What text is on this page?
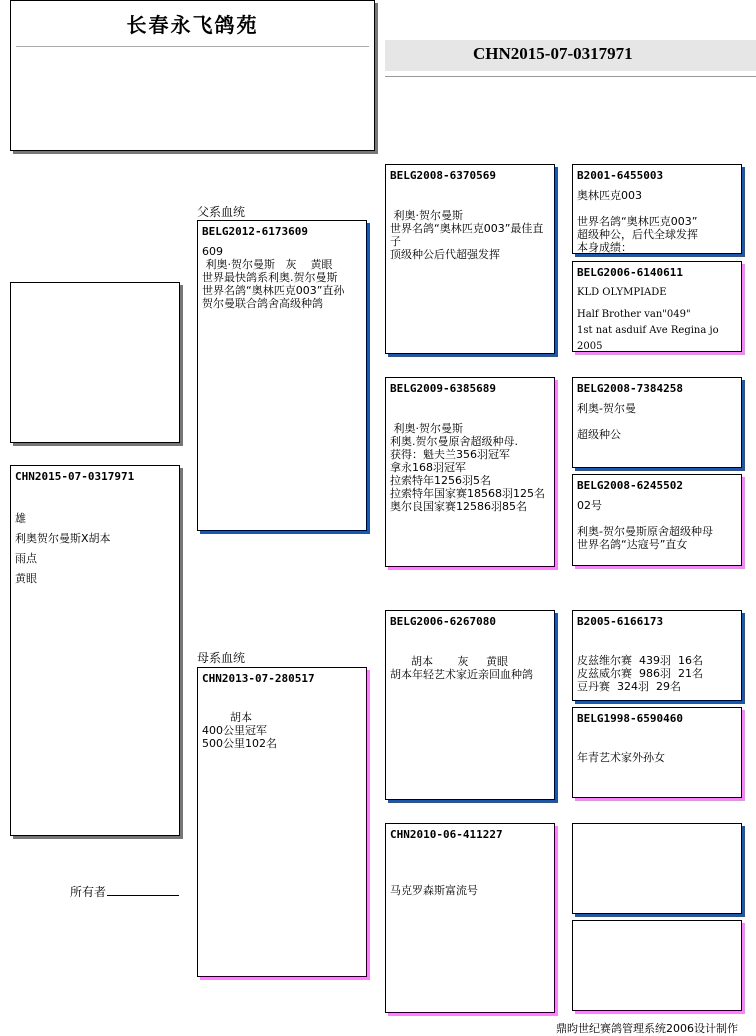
长春永飞鸽苑
CHN2015-07-0317971
CHN2015-07-0317971
雄
利奥贺尔曼斯X胡本
雨点
黄眼
所有者
父系血统
母系血统
BELG2012-6173609
609
利奥·贺尔曼斯   灰    黄眼
世界最快鸽系利奥.贺尔曼斯
世界名鸽“奥林匹克003”直孙
贺尔曼联合鸽舍高级种鸽
CHN2013-07-280517
胡本
400公里冠军
500公里102名
BELG2008-6370569
利奥·贺尔曼斯
世界名鸽“奥林匹克003”最佳直子
顶级种公后代超强发挥
BELG2009-6385689
利奥·贺尔曼斯
利奥.贺尔曼原舍超级种母.
获得：魁夫兰356羽冠军
拿永168羽冠军
拉索特年1256羽5名
拉索特年国家赛18568羽125名
奥尔良国家赛12586羽85名
BELG2006-6267080
胡本       灰     黄眼
胡本年轻艺术家近亲回血种鸽
CHN2010-06-411227
马克罗森斯富流号
B2001-6455003
奥林匹克003

世界名鸽“奥林匹克003”
超级种公，后代全球发挥
本身成绩：
BELG2006-6140611
KLD OLYMPIADE
Half Brother van"049"
1st nat asduif Ave Regina jo 2005
BELG2008-7384258
利奥-贺尔曼

超级种公
BELG2008-6245502
02号

利奥-贺尔曼斯原舍超级种母
世界名鸽“达寇号”直女
B2005-6166173
皮兹维尔赛  439羽  16名
皮兹威尔赛  986羽  21名
豆丹赛  324羽  29名
BELG1998-6590460
年青艺术家外孙女
鼎昀世纪赛鸽管理系统2006设计制作
